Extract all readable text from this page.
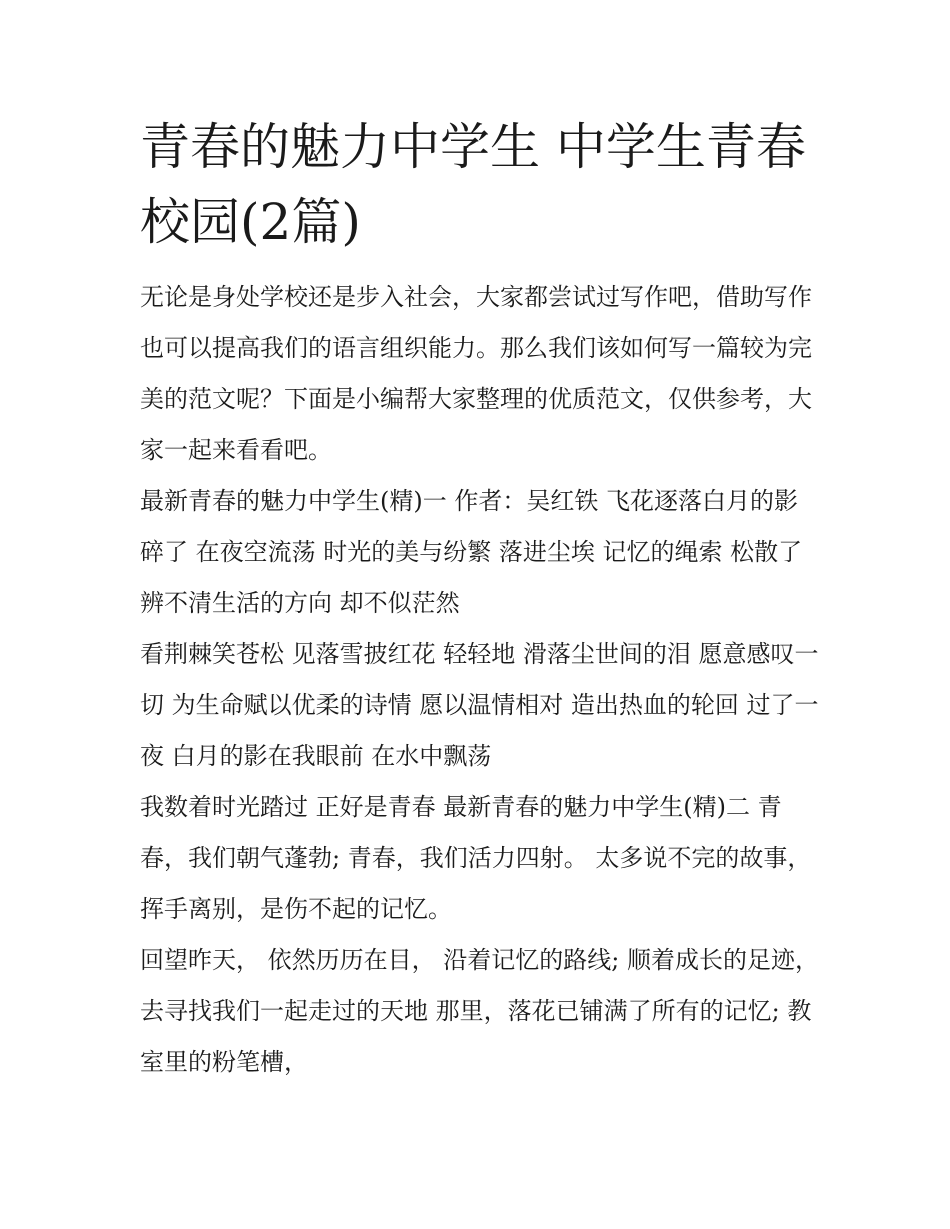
青春的魅力中学生 中学生青春校园(2篇)

无论是身处学校还是步入社会，大家都尝试过写作吧，借助写作也可以提高我们的语言组织能力。那么我们该如何写一篇较为完美的范文呢？下面是小编帮大家整理的优质范文，仅供参考，大家一起来看看吧。

最新青春的魅力中学生(精)一 作者：吴红铁 飞花逐落白月的影 碎了 在夜空流荡 时光的美与纷繁 落进尘埃 记忆的绳索 松散了 辨不清生活的方向 却不似茫然

看荆棘笑苍松 见落雪披红花 轻轻地 滑落尘世间的泪 愿意感叹一切 为生命赋以优柔的诗情 愿以温情相对 造出热血的轮回 过了一夜 白月的影在我眼前 在水中飘荡

我数着时光踏过 正好是青春 最新青春的魅力中学生(精)二 青春，我们朝气蓬勃; 青春，我们活力四射。 太多说不完的故事， 挥手离别，是伤不起的记忆。

回望昨天， 依然历历在目， 沿着记忆的路线; 顺着成长的足迹， 去寻找我们一起走过的天地 那里，落花已铺满了所有的记忆; 教室里的粉笔槽，
